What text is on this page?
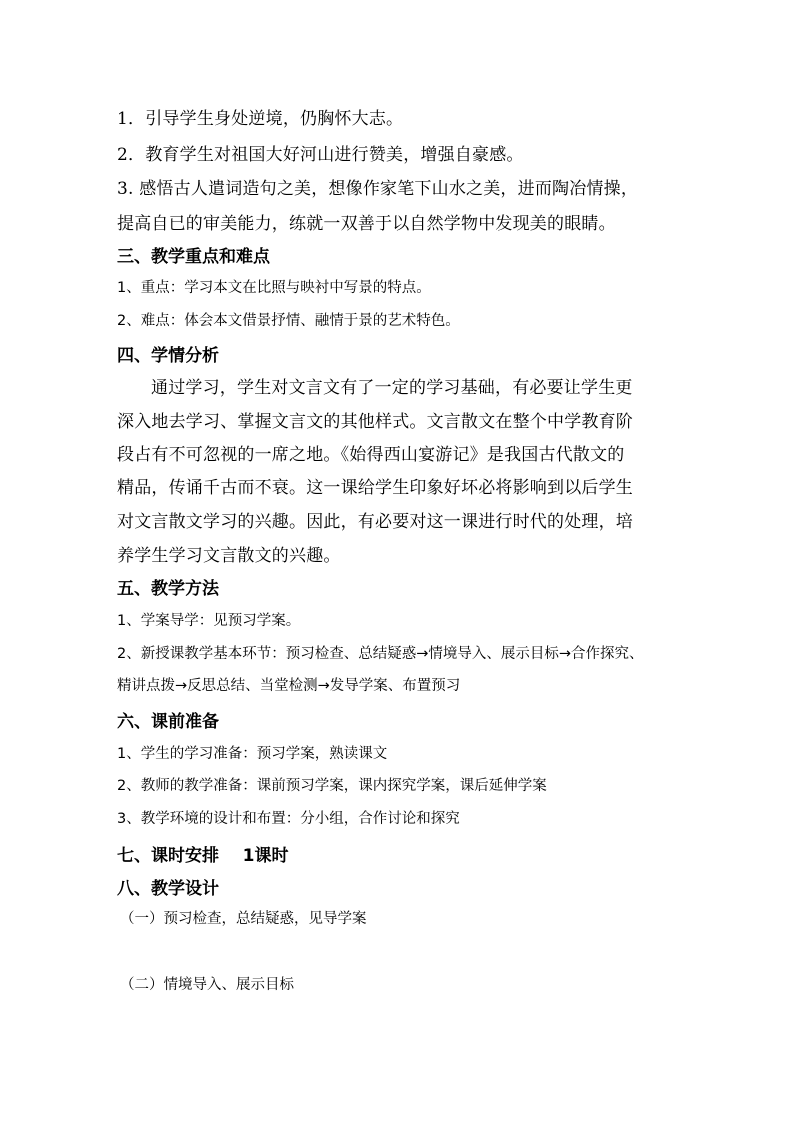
1．引导学生身处逆境，仍胸怀大志。
2．教育学生对祖国大好河山进行赞美，增强自豪感。
3. 感悟古人遣词造句之美，想像作家笔下山水之美，进而陶冶情操，
提高自已的审美能力，练就一双善于以自然学物中发现美的眼睛。
三、教学重点和难点
1、重点：学习本文在比照与映衬中写景的特点。
2、难点：体会本文借景抒情、融情于景的艺术特色。
四、学情分析
通过学习，学生对文言文有了一定的学习基础，有必要让学生更
深入地去学习、掌握文言文的其他样式。文言散文在整个中学教育阶
段占有不可忽视的一席之地。《始得西山宴游记》是我国古代散文的
精品，传诵千古而不衰。这一课给学生印象好坏必将影响到以后学生
对文言散文学习的兴趣。因此，有必要对这一课进行时代的处理，培
养学生学习文言散文的兴趣。
五、教学方法
1、学案导学：见预习学案。
2、新授课教学基本环节：预习检查、总结疑惑→情境导入、展示目标→合作探究、
精讲点拨→反思总结、当堂检测→发导学案、布置预习
六、课前准备
1、学生的学习准备：预习学案，熟读课文
2、教师的教学准备：课前预习学案，课内探究学案，课后延伸学案
3、教学环境的设计和布置：分小组，合作讨论和探究
七、课时安排    1课时
八、教学设计
（一）预习检查，总结疑惑，见导学案
（二）情境导入、展示目标
